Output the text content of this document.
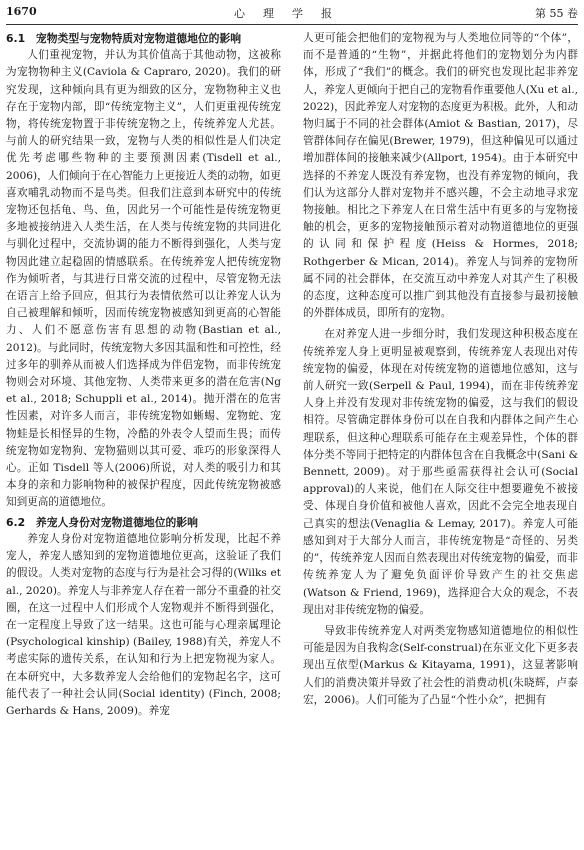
1670	心理学报	第 55 卷
6.1　宠物类型与宠物特质对宠物道德地位的影响

人们重视宠物，并认为其价值高于其他动物，这被称为宠物物种主义(Caviola & Capraro, 2020)。我们的研究发现，这种倾向具有更为细致的区分，宠物物种主义也存在于宠物内部，即“传统宠物主义”，人们更重视传统宠物，将传统宠物置于非传统宠物之上，传统养宠人尤甚。与前人的研究结果一致，宠物与人类的相似性是人们决定优先考虑哪些物种的主要预测因素(Tisdell et al., 2006)，人们倾向于在心智能力上更接近人类的动物，如更喜欢哺乳动物而不是鸟类。但我们注意到本研究中的传统宠物还包括龟、鸟、鱼，因此另一个可能性是传统宠物更多地被接纳进入人类生活，在人类与传统宠物的共同进化与驯化过程中，交流协调的能力不断得到强化，人类与宠物因此建立起稳固的情感联系。在传统养宠人把传统宠物作为倾听者，与其进行日常交流的过程中，尽管宠物无法在语言上给予回应，但其行为表情依然可以让养宠人认为自己被理解和倾听，因而传统宠物被感知到更高的心智能力、人们不愿意伤害有思想的动物(Bastian et al., 2012)。与此同时，传统宠物大多因其温和性和可控性，经过多年的驯养从而被人们选择成为伴侣宠物，而非传统宠物则会对环境、其他宠物、人类带来更多的潜在危害(Ng et al., 2018; Schuppli et al., 2014)。抛开潜在的危害性因素，对许多人而言，非传统宠物如蜥蜴、宠物蛇、宠物蛙是长相怪异的生物，冷酷的外表令人望而生畏；而传统宠物如宠物狗、宠物猫则以其可爱、乖巧的形象深得人心。正如 Tisdell 等人(2006)所说，对人类的吸引力和其本身的亲和力影响物种的被保护程度，因此传统宠物被感知到更高的道德地位。

6.2　养宠人身份对宠物道德地位的影响

养宠人身份对宠物道德地位影响分析发现，比起不养宠人，养宠人感知到的宠物道德地位更高，这验证了我们的假设。人类对宠物的态度与行为是社会习得的(Wilks et al., 2020)。养宠人与非养宠人存在着一部分不重叠的社交圈，在这一过程中人们形成个人宠物观并不断得到强化，在一定程度上导致了这一结果。这也可能与心理亲属理论(Psychological kinship) (Bailey, 1988)有关，养宠人不考虑实际的遗传关系，在认知和行为上把宠物视为家人。在本研究中，大多数养宠人会给他们的宠物起名字，这可能代表了一种社会认同(Social identity) (Finch, 2008; Gerhards & Hans, 2009)。养宠

人更可能会把他们的宠物视为与人类地位同等的“个体”，而不是普通的“生物”，并据此将他们的宠物划分为内群体，形成了“我们”的概念。我们的研究也发现比起非养宠人，养宠人更倾向于把自己的宠物看作重要他人(Xu et al., 2022)，因此养宠人对宠物的态度更为积极。此外，人和动物归属于不同的社会群体(Amiot & Bastian, 2017)，尽管群体间存在偏见(Brewer, 1979)，但这种偏见可以通过增加群体间的接触来减少(Allport, 1954)。由于本研究中选择的不养宠人既没有养宠物，也没有养宠物的倾向，我们认为这部分人群对宠物并不感兴趣，不会主动地寻求宠物接触。相比之下养宠人在日常生活中有更多的与宠物接触的机会，更多的宠物接触预示着对动物道德地位的更强的认同和保护程度(Heiss & Hormes, 2018; Rothgerber & Mican, 2014)。养宠人与饲养的宠物所属不同的社会群体，在交流互动中养宠人对其产生了积极的态度，这种态度可以推广到其他没有直接参与最初接触的外群体成员，即所有的宠物。

在对养宠人进一步细分时，我们发现这种积极态度在传统养宠人身上更明显被观察到，传统养宠人表现出对传统宠物的偏爱，体现在对传统宠物的道德地位感知，这与前人研究一致(Serpell & Paul, 1994)，而在非传统养宠人身上并没有发现对非传统宠物的偏爱，这与我们的假设相符。尽管确定群体身份可以在自我和内群体之间产生心理联系，但这种心理联系可能存在主观差异性，个体的群体分类不等同于把特定的内群体包含在自我概念中(Sani & Bennett, 2009)。对于那些亟需获得社会认可(Social approval)的人来说，他们在人际交往中想要避免不被接受、体现自身价值和被他人喜欢，因此不会完全地表现自己真实的想法(Venaglia & Lemay, 2017)。养宠人可能感知到对于大部分人而言，非传统宠物是“奇怪的、另类的”，传统养宠人因而自然表现出对传统宠物的偏爱，而非传统养宠人为了避免负面评价导致产生的社交焦虑(Watson & Friend, 1969)，选择迎合大众的观念，不表现出对非传统宠物的偏爱。

导致非传统养宠人对两类宠物感知道德地位的相似性可能是因为自我构念(Self-construal)在东亚文化下更多表现出互依型(Markus & Kitayama, 1991)，这显著影响人们的消费决策并导致了社会性的消费动机(朱晓辉，卢泰宏，2006)。人们可能为了凸显“个性小众”，把拥有
